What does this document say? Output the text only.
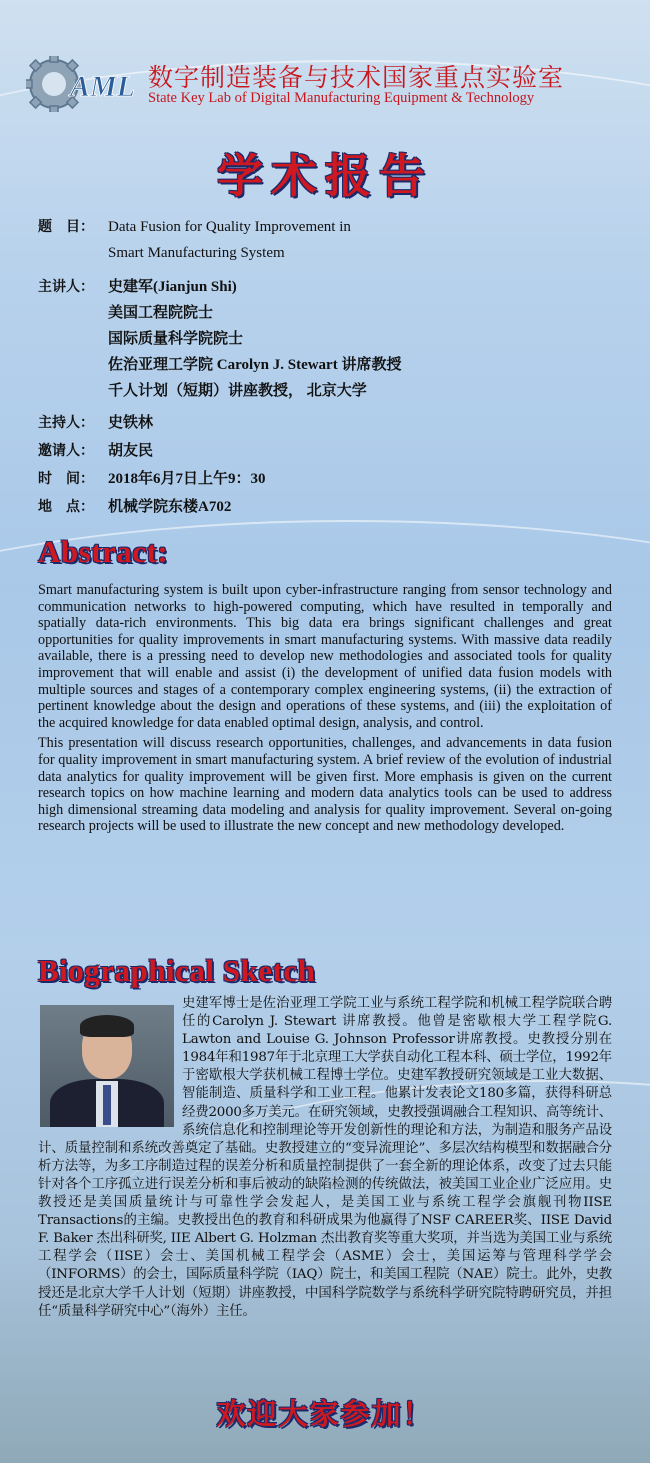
AML 数字制造装备与技术国家重点实验室
State Key Lab of Digital Manufacturing Equipment & Technology
学术报告
题　目： Data Fusion for Quality Improvement in
Smart Manufacturing System
主讲人： 史建军(Jianjun Shi)
美国工程院院士
国际质量科学院院士
佐治亚理工学院 Carolyn J. Stewart 讲席教授
千人计划（短期）讲座教授， 北京大学
主持人： 史铁林
邀请人： 胡友民
时　间： 2018年6月7日上午9：30
地　点： 机械学院东楼A702
Abstract:

Smart manufacturing system is built upon cyber-infrastructure ranging from sensor technology and communication networks to high-powered computing, which have resulted in temporally and spatially data-rich environments. This big data era brings significant challenges and great opportunities for quality improvements in smart manufacturing systems. With massive data readily available, there is a pressing need to develop new methodologies and associated tools for quality improvement that will enable and assist (i) the development of unified data fusion models with multiple sources and stages of a contemporary complex engineering systems, (ii) the extraction of pertinent knowledge about the design and operations of these systems, and (iii) the exploitation of the acquired knowledge for data enabled optimal design, analysis, and control.

This presentation will discuss research opportunities, challenges, and advancements in data fusion for quality improvement in smart manufacturing system. A brief review of the evolution of industrial data analytics for quality improvement will be given first. More emphasis is given on the current research topics on how machine learning and modern data analytics tools can be used to address high dimensional streaming data modeling and analysis for quality improvement. Several on-going research projects will be used to illustrate the new concept and new methodology developed.

Biographical Sketch

史建军博士是佐治亚理工学院工业与系统工程学院和机械工程学院联合聘任的Carolyn J. Stewart 讲席教授。他曾是密歇根大学工程学院G. Lawton and Louise G. Johnson Professor讲席教授。史教授分别在1984年和1987年于北京理工大学获自动化工程本科、硕士学位，1992年于密歇根大学获机械工程博士学位。史建军教授研究领域是工业大数据、智能制造、质量科学和工业工程。他累计发表论文180多篇，获得科研总经费2000多万美元。在研究领域，史教授强调融合工程知识、高等统计、系统信息化和控制理论等开发创新性的理论和方法，为制造和服务产品设计、质量控制和系统改善奠定了基础。史教授建立的“变异流理论”、多层次结构模型和数据融合分析方法等，为多工序制造过程的误差分析和质量控制提供了一套全新的理论体系，改变了过去只能针对各个工序孤立进行误差分析和事后被动的缺陷检测的传统做法，被美国工业企业广泛应用。史教授还是美国质量统计与可靠性学会发起人，是美国工业与系统工程学会旗舰刊物IISE Transactions的主编。史教授出色的教育和科研成果为他赢得了NSF CAREER奖、IISE David F. Baker 杰出科研奖, IIE Albert G. Holzman 杰出教育奖等重大奖项，并当选为美国工业与系统工程学会（IISE）会士、美国机械工程学会（ASME）会士，美国运筹与管理科学学会（INFORMS）的会士，国际质量科学院（IAQ）院士，和美国工程院（NAE）院士。此外，史教授还是北京大学千人计划（短期）讲座教授，中国科学院数学与系统科学研究院特聘研究员，并担任“质量科学研究中心”（海外）主任。

欢迎大家参加！
